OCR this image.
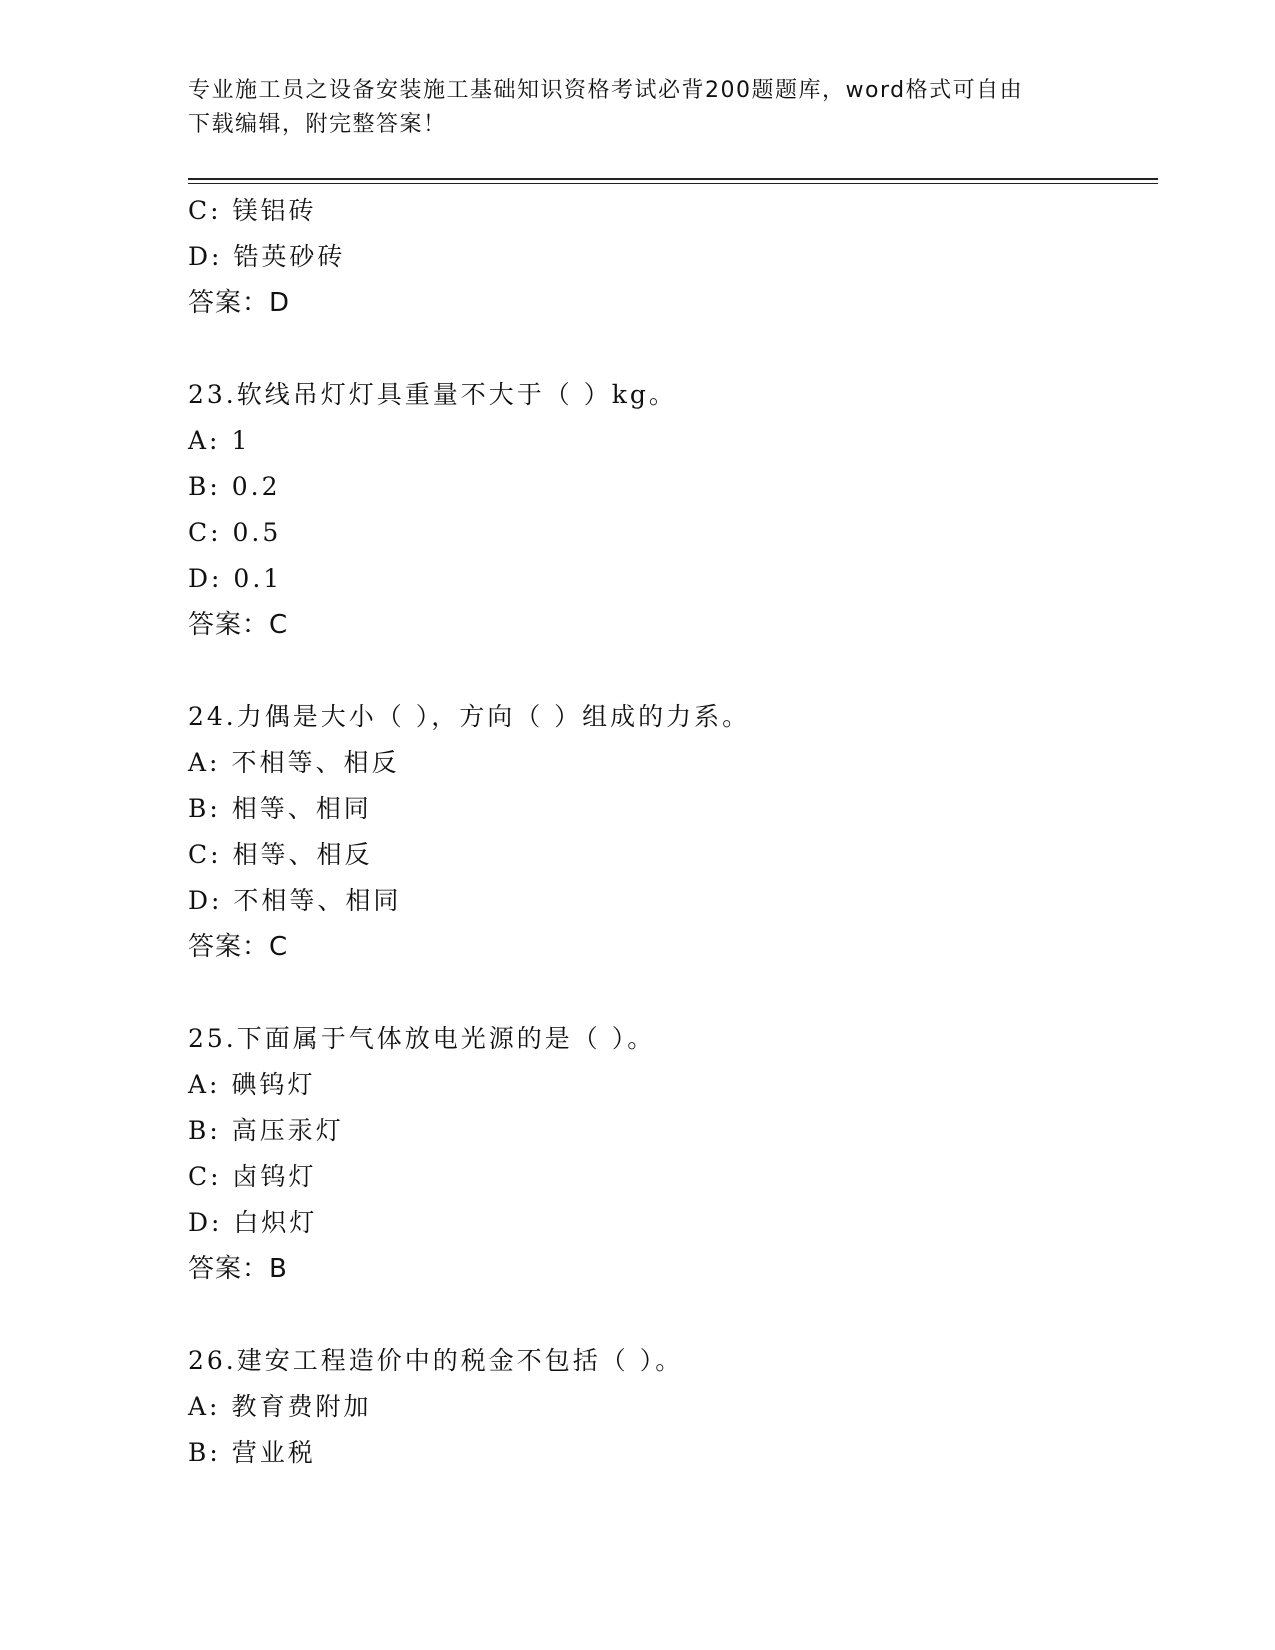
专业施工员之设备安装施工基础知识资格考试必背200题题库，word格式可自由
下载编辑，附完整答案！
C: 镁铝砖
D: 锆英砂砖
答案：D
23.软线吊灯灯具重量不大于（ ）kg。
A: 1
B: 0.2
C: 0.5
D: 0.1
答案：C
24.力偶是大小（ ），方向（ ）组成的力系。
A: 不相等、相反
B: 相等、相同
C: 相等、相反
D: 不相等、相同
答案：C
25.下面属于气体放电光源的是（ ）。
A: 碘钨灯
B: 高压汞灯
C: 卤钨灯
D: 白炽灯
答案：B
26.建安工程造价中的税金不包括（ ）。
A: 教育费附加
B: 营业税
